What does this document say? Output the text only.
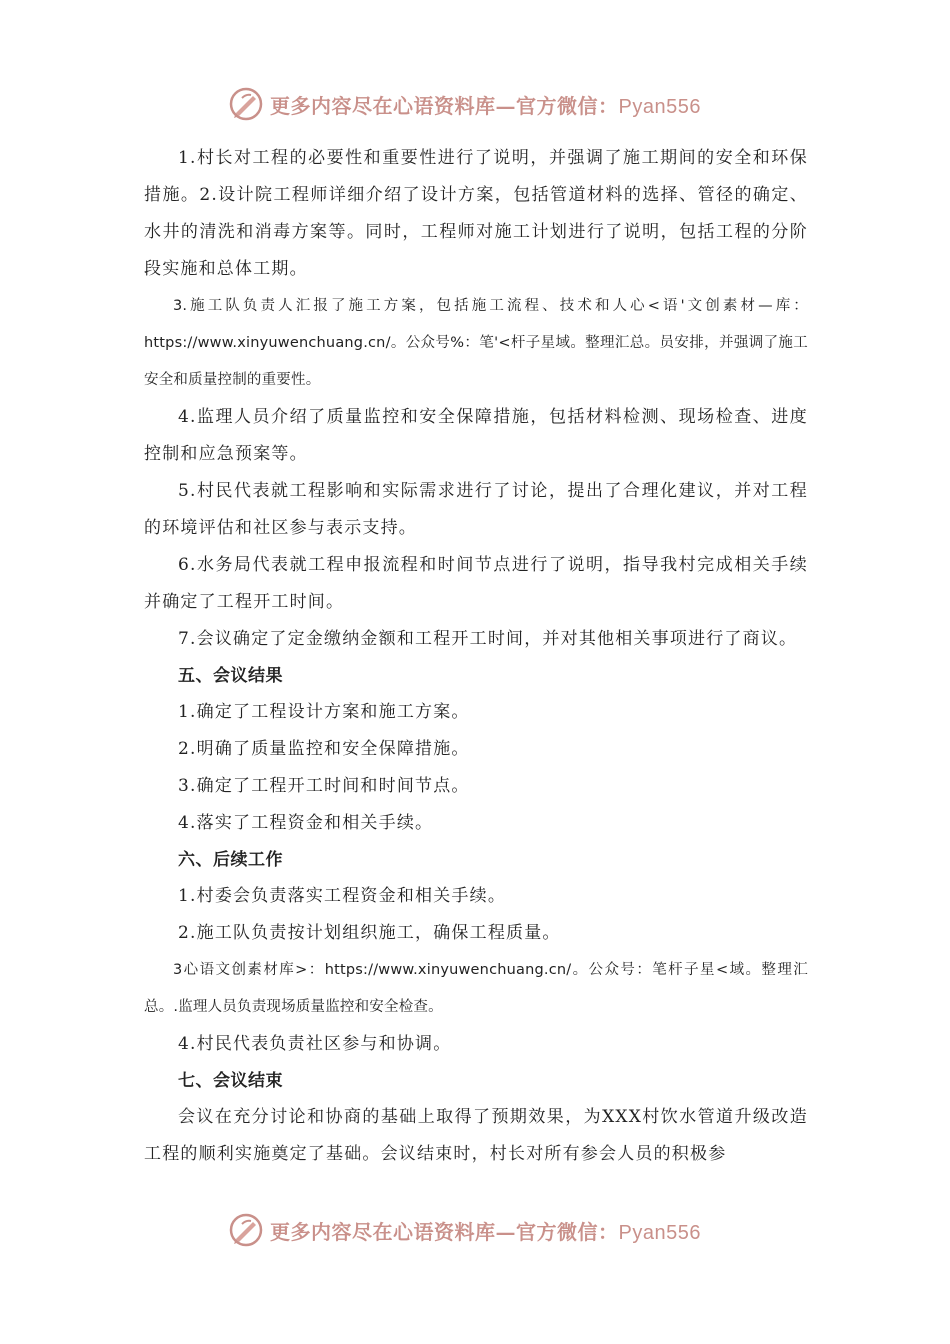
更多内容尽在心语资料库—官方微信：Pyan556

1.村长对工程的必要性和重要性进行了说明，并强调了施工期间的安全和环保措施。2.设计院工程师详细介绍了设计方案，包括管道材料的选择、管径的确定、水井的清洗和消毒方案等。同时，工程师对施工计划进行了说明，包括工程的分阶段实施和总体工期。

3.施工队负责人汇报了施工方案，包括施工流程、技术和人心<语'文创素材—库：https://www.xinyuwenchuang.cn/。公众号%：笔'<杆子星域。整理汇总。员安排，并强调了施工安全和质量控制的重要性。

4.监理人员介绍了质量监控和安全保障措施，包括材料检测、现场检查、进度控制和应急预案等。

5.村民代表就工程影响和实际需求进行了讨论，提出了合理化建议，并对工程的环境评估和社区参与表示支持。

6.水务局代表就工程申报流程和时间节点进行了说明，指导我村完成相关手续并确定了工程开工时间。

7.会议确定了定金缴纳金额和工程开工时间，并对其他相关事项进行了商议。

五、会议结果

1.确定了工程设计方案和施工方案。

2.明确了质量监控和安全保障措施。

3.确定了工程开工时间和时间节点。

4.落实了工程资金和相关手续。

六、后续工作

1.村委会负责落实工程资金和相关手续。

2.施工队负责按计划组织施工，确保工程质量。

3心语文创素材库>：https://www.xinyuwenchuang.cn/。公众号：笔杆子星<域。整理汇总。.监理人员负责现场质量监控和安全检查。

4.村民代表负责社区参与和协调。

七、会议结束

会议在充分讨论和协商的基础上取得了预期效果，为XXX村饮水管道升级改造工程的顺利实施奠定了基础。会议结束时，村长对所有参会人员的积极参

更多内容尽在心语资料库—官方微信：Pyan556
